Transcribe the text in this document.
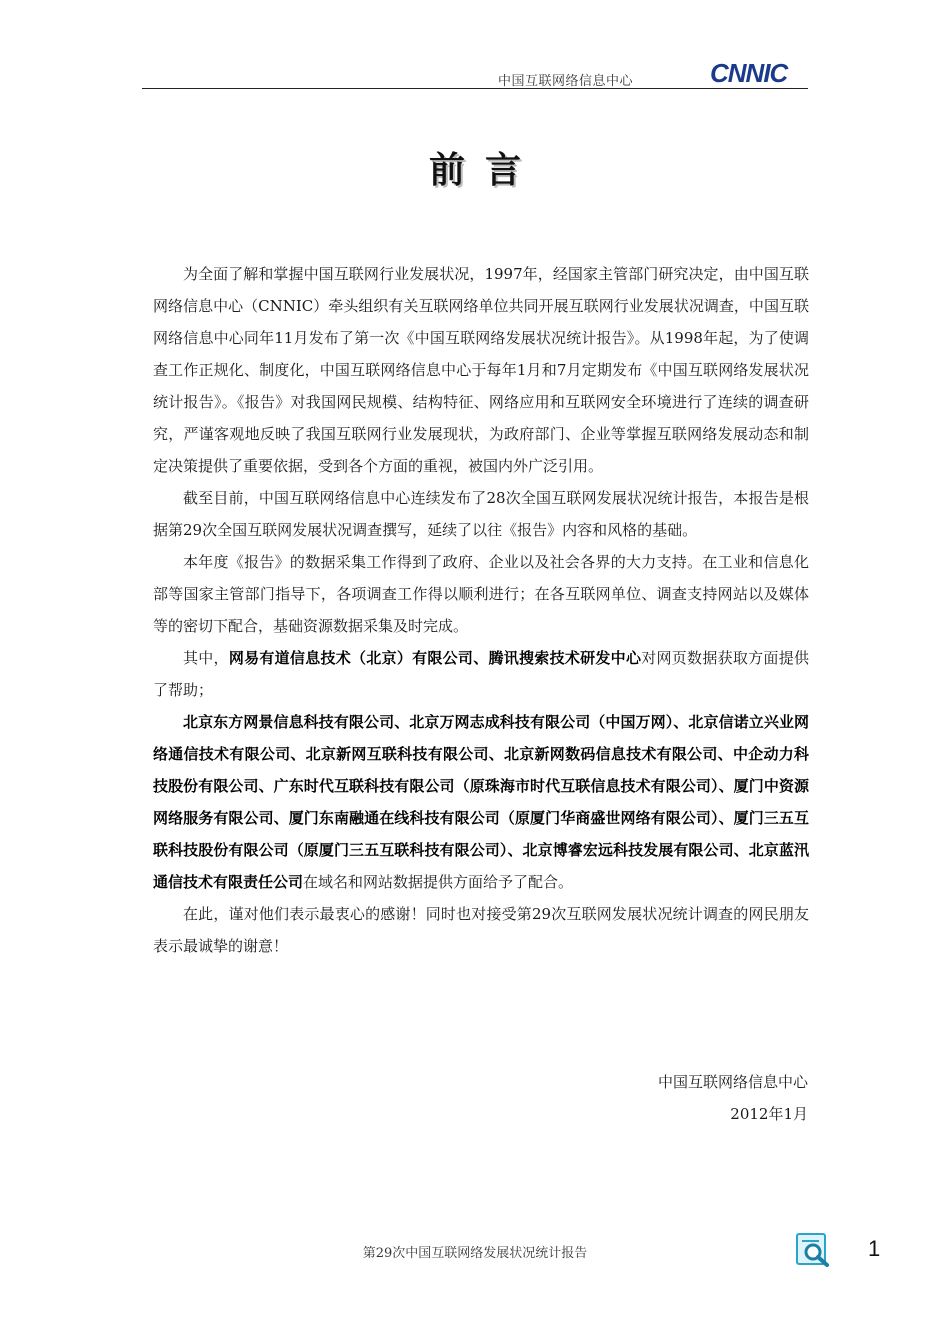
中国互联网络信息中心	CNNIC
前言

为全面了解和掌握中国互联网行业发展状况，1997年，经国家主管部门研究决定，由中国互联网络信息中心（CNNIC）牵头组织有关互联网络单位共同开展互联网行业发展状况调查，中国互联网络信息中心同年11月发布了第一次《中国互联网络发展状况统计报告》。从1998年起，为了使调查工作正规化、制度化，中国互联网络信息中心于每年1月和7月定期发布《中国互联网络发展状况统计报告》。《报告》对我国网民规模、结构特征、网络应用和互联网安全环境进行了连续的调查研究，严谨客观地反映了我国互联网行业发展现状，为政府部门、企业等掌握互联网络发展动态和制定决策提供了重要依据，受到各个方面的重视，被国内外广泛引用。

截至目前，中国互联网络信息中心连续发布了28次全国互联网发展状况统计报告，本报告是根据第29次全国互联网发展状况调查撰写，延续了以往《报告》内容和风格的基础。

本年度《报告》的数据采集工作得到了政府、企业以及社会各界的大力支持。在工业和信息化部等国家主管部门指导下，各项调查工作得以顺利进行；在各互联网单位、调查支持网站以及媒体等的密切下配合，基础资源数据采集及时完成。

其中，网易有道信息技术（北京）有限公司、腾讯搜索技术研发中心对网页数据获取方面提供了帮助；

北京东方网景信息科技有限公司、北京万网志成科技有限公司（中国万网）、北京信诺立兴业网络通信技术有限公司、北京新网互联科技有限公司、北京新网数码信息技术有限公司、中企动力科技股份有限公司、广东时代互联科技有限公司（原珠海市时代互联信息技术有限公司）、厦门中资源网络服务有限公司、厦门东南融通在线科技有限公司（原厦门华商盛世网络有限公司）、厦门三五互联科技股份有限公司（原厦门三五互联科技有限公司）、北京博睿宏远科技发展有限公司、北京蓝汛通信技术有限责任公司在域名和网站数据提供方面给予了配合。

在此，谨对他们表示最衷心的感谢！同时也对接受第29次互联网发展状况统计调查的网民朋友表示最诚挚的谢意！

中国互联网络信息中心
2012年1月
第29次中国互联网络发展状况统计报告	1
